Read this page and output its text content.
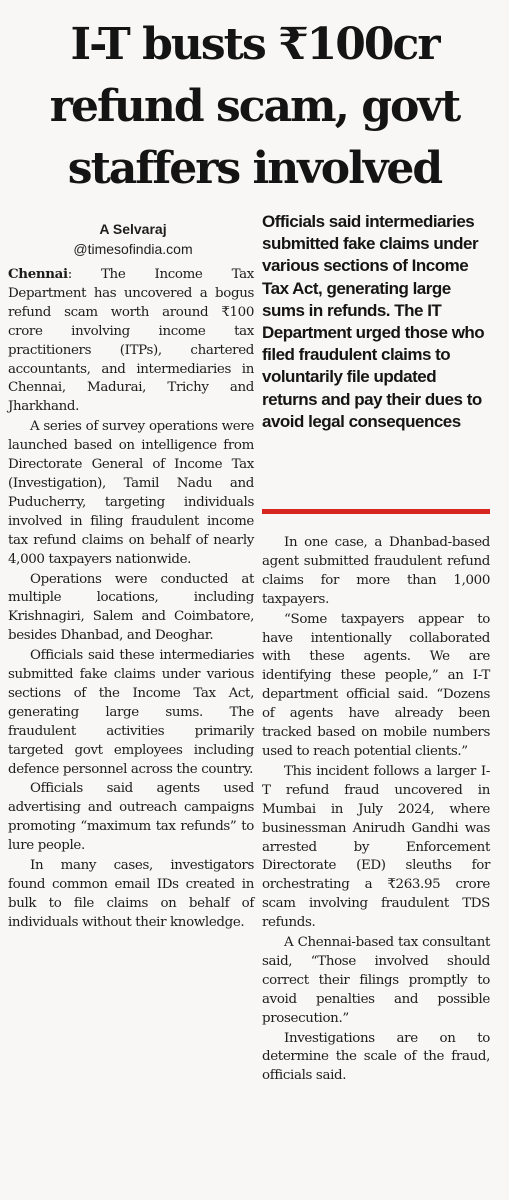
I-T busts ₹100cr
refund scam, govt
staffers involved
A Selvaraj
@timesofindia.com

Chennai: The Income Tax Department has uncovered a bogus refund scam worth around ₹100 crore involving income tax practitioners (ITPs), chartered accountants, and intermediaries in Chennai, Madurai, Trichy and Jharkhand.

A series of survey operations were launched based on intelligence from Directorate General of Income Tax (Investigation), Tamil Nadu and Puducherry, targeting individuals involved in filing fraudulent income tax refund claims on behalf of nearly 4,000 taxpayers nationwide.

Operations were conducted at multiple locations, including Krishnagiri, Salem and Coimbatore, besides Dhanbad, and Deoghar.

Officials said these intermediaries submitted fake claims under various sections of the Income Tax Act, generating large sums. The fraudulent activities primarily targeted govt employees including defence personnel across the country.

Officials said agents used advertising and outreach campaigns promoting “maximum tax refunds” to lure people.

In many cases, investigators found common email IDs created in bulk to file claims on behalf of individuals without their knowledge.

Officials said intermediaries submitted fake claims under various sections of Income Tax Act, generating large sums in refunds. The IT Department urged those who filed fraudulent claims to voluntarily file updated returns and pay their dues to avoid legal consequences

In one case, a Dhanbad-based agent submitted fraudulent refund claims for more than 1,000 taxpayers.

“Some taxpayers appear to have intentionally collaborated with these agents. We are identifying these people,” an I-T department official said. “Dozens of agents have already been tracked based on mobile numbers used to reach potential clients.”

This incident follows a larger I-T refund fraud uncovered in Mumbai in July 2024, where businessman Anirudh Gandhi was arrested by Enforcement Directorate (ED) sleuths for orchestrating a ₹263.95 crore scam involving fraudulent TDS refunds.

A Chennai-based tax consultant said, “Those involved should correct their filings promptly to avoid penalties and possible prosecution.”

Investigations are on to determine the scale of the fraud, officials said.
